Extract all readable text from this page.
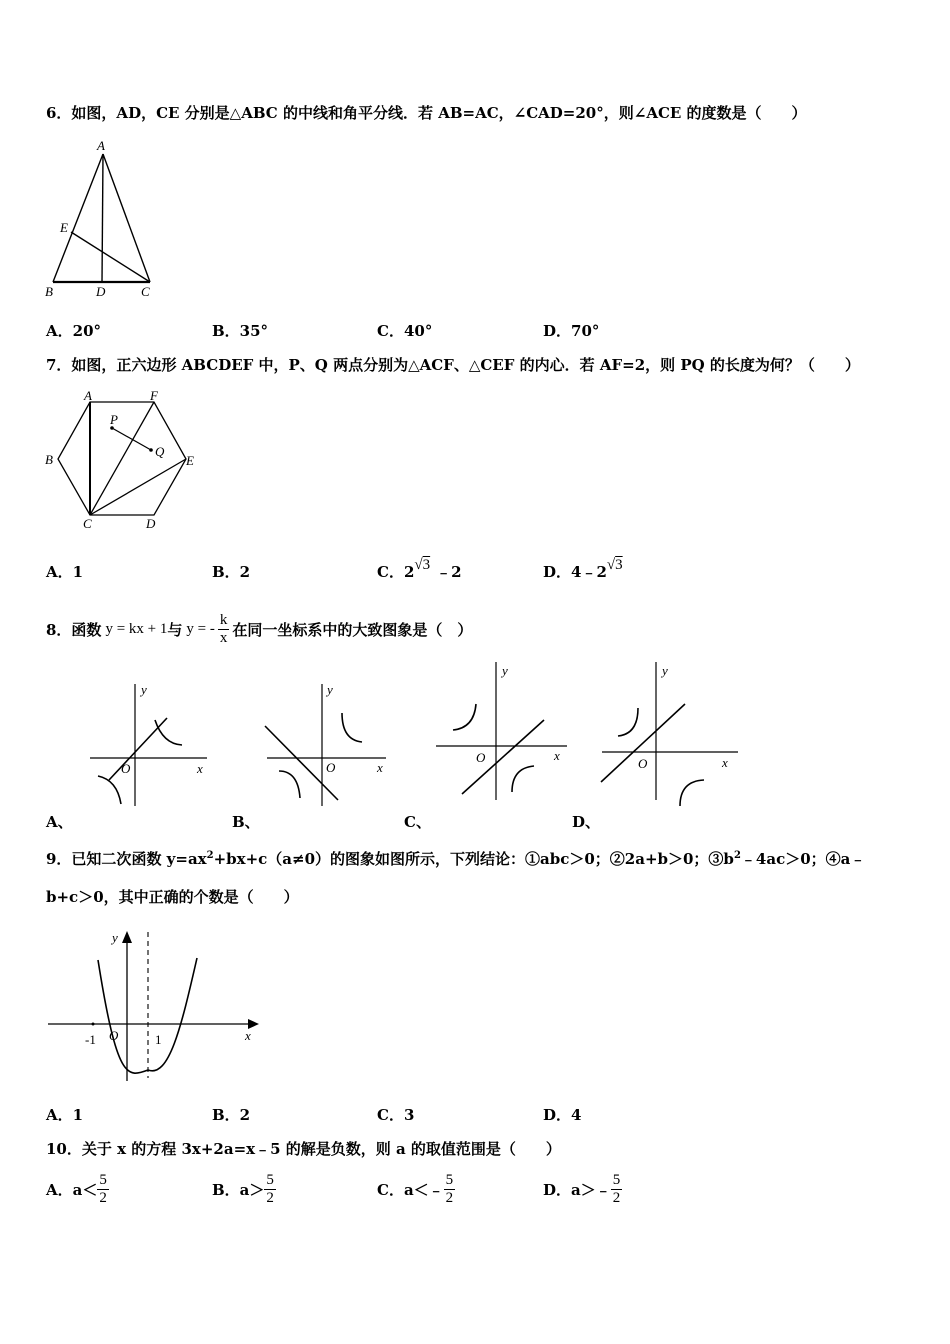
6．如图，AD，CE 分别是△ABC 的中线和角平分线．若 AB=AC，∠CAD=20°，则∠ACE 的度数是（　　）
A
E
B	D	C
A．20°	B．35°	C．40°	D．70°
7．如图，正六边形 ABCDEF 中，P、Q 两点分别为△ACF、△CEF 的内心．若 AF=2，则 PQ 的长度为何？（　　）
A	F
P
Q
B	E
C	D
A．1	B．2	C．2√3 ﹣2	D．4﹣2√3
8．函数 y = kx + 1 与 y = - $\frac{k}{x}$ 在同一坐标系中的大致图象是（　）
y
x
O
A、
y
x
O
B、
y
x
O
C、
y
x
O
D、
9．已知二次函数 $y=ax^2+bx+c(a\ne 0)$的图象如图所示，下列结论：①abc＞0；②2a+b＞0；$③b^2﹣4ac>0$；④a﹣
b+c＞0，其中正确的个数是（　　）
y
-1 O	1	x
A．1	B．2	C．3	D．4
10．关于 x 的方程 3x+2a=x﹣5 的解是负数，则 a 的取值范围是（　　）
A．$a< \frac{5}{2}$	B．$a> \frac{5}{2}$	C．a＜﹣ $\frac{5}{2}$	D．a＞﹣ $\frac{5}{2}$
